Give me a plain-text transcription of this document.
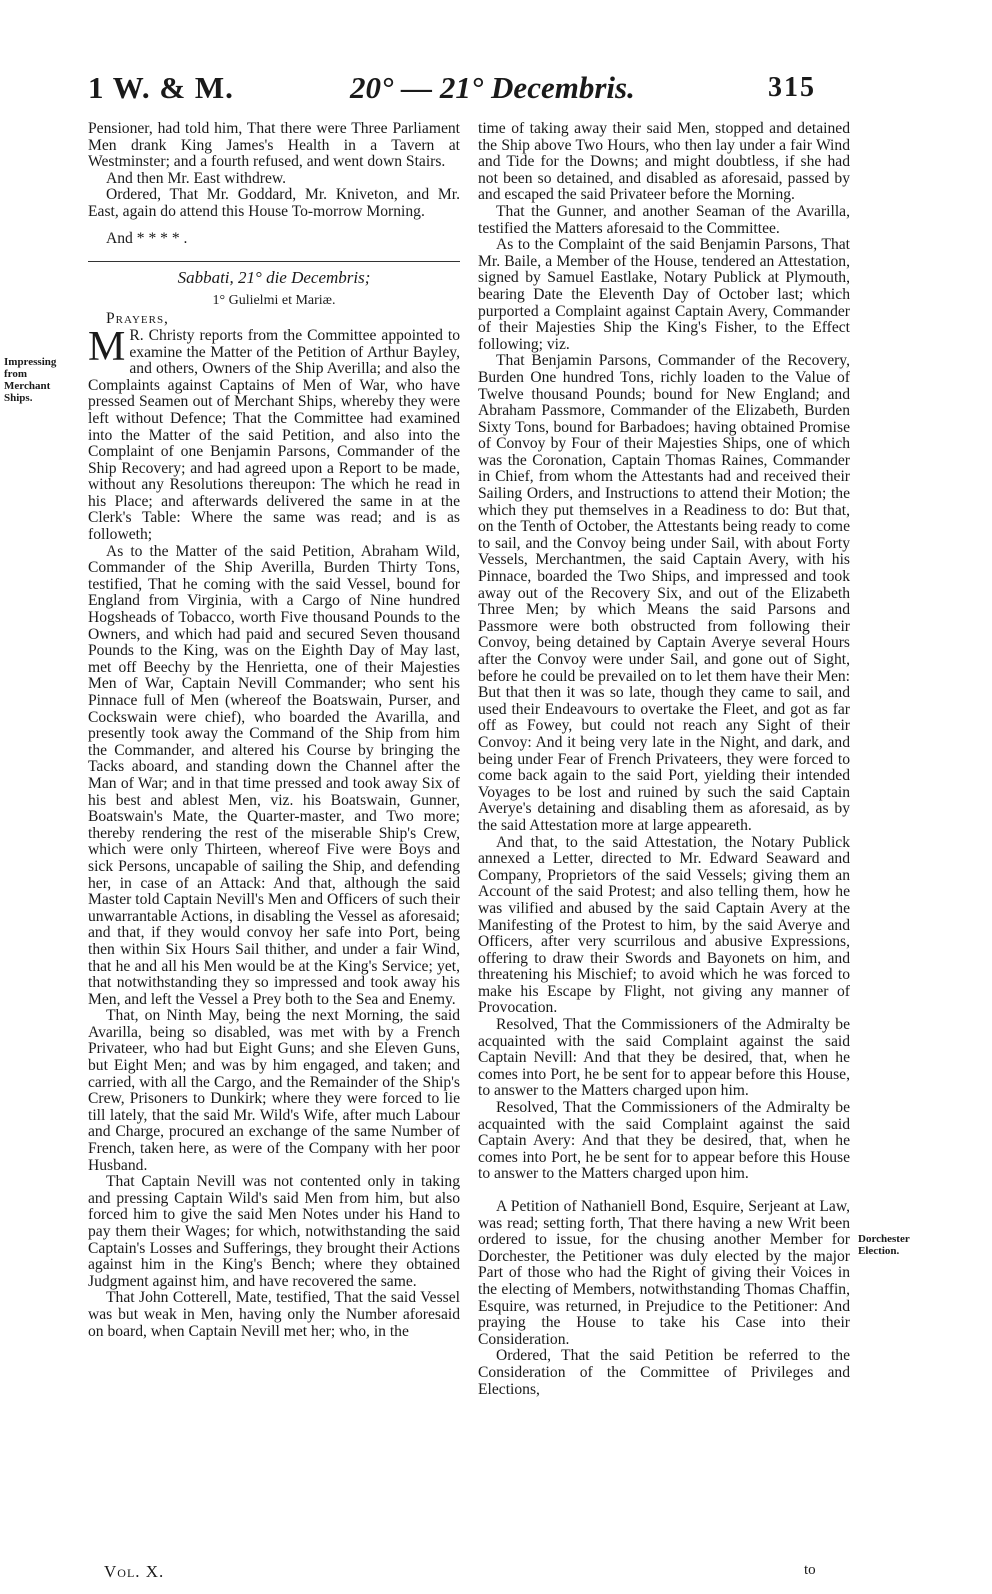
1 W. & M.	20° — 21° Decembris.	315
Impressing from Merchant Ships.
Dorchester Election.

Pensioner, had told him, That there were Three Parliament Men drank King James's Health in a Tavern at Westminster; and a fourth refused, and went down Stairs.

And then Mr. East withdrew.

Ordered, That Mr. Goddard, Mr. Kniveton, and Mr. East, again do attend this House To-morrow Morning.

And * * * * .

Sabbati, 21° die Decembris;
1° Gulielmi et Mariæ.

Prayers,

M R. Christy reports from the Committee appointed to examine the Matter of the Petition of Arthur Bayley, and others, Owners of the Ship Averilla; and also the Complaints against Captains of Men of War, who have pressed Seamen out of Merchant Ships, whereby they were left without Defence; That the Committee had examined into the Matter of the said Petition, and also into the Complaint of one Benjamin Parsons, Commander of the Ship Recovery; and had agreed upon a Report to be made, without any Resolutions thereupon: The which he read in his Place; and afterwards delivered the same in at the Clerk's Table: Where the same was read; and is as followeth;

As to the Matter of the said Petition, Abraham Wild, Commander of the Ship Averilla, Burden Thirty Tons, testified, That he coming with the said Vessel, bound for England from Virginia, with a Cargo of Nine hundred Hogsheads of Tobacco, worth Five thousand Pounds to the Owners, and which had paid and secured Seven thousand Pounds to the King, was on the Eighth Day of May last, met off Beechy by the Henrietta, one of their Majesties Men of War, Captain Nevill Commander; who sent his Pinnace full of Men (whereof the Boatswain, Purser, and Cockswain were chief), who boarded the Avarilla, and presently took away the Command of the Ship from him the Commander, and altered his Course by bringing the Tacks aboard, and standing down the Channel after the Man of War; and in that time pressed and took away Six of his best and ablest Men, viz. his Boatswain, Gunner, Boatswain's Mate, the Quarter-master, and Two more; thereby rendering the rest of the miserable Ship's Crew, which were only Thirteen, whereof Five were Boys and sick Persons, uncapable of sailing the Ship, and defending her, in case of an Attack: And that, although the said Master told Captain Nevill's Men and Officers of such their unwarrantable Actions, in disabling the Vessel as aforesaid; and that, if they would convoy her safe into Port, being then within Six Hours Sail thither, and under a fair Wind, that he and all his Men would be at the King's Service; yet, that notwithstanding they so impressed and took away his Men, and left the Vessel a Prey both to the Sea and Enemy.

That, on Ninth May, being the next Morning, the said Avarilla, being so disabled, was met with by a French Privateer, who had but Eight Guns; and she Eleven Guns, but Eight Men; and was by him engaged, and taken; and carried, with all the Cargo, and the Remainder of the Ship's Crew, Prisoners to Dunkirk; where they were forced to lie till lately, that the said Mr. Wild's Wife, after much Labour and Charge, procured an exchange of the same Number of French, taken here, as were of the Company with her poor Husband.

That Captain Nevill was not contented only in taking and pressing Captain Wild's said Men from him, but also forced him to give the said Men Notes under his Hand to pay them their Wages; for which, notwithstanding the said Captain's Losses and Sufferings, they brought their Actions against him in the King's Bench; where they obtained Judgment against him, and have recovered the same.

That John Cotterell, Mate, testified, That the said Vessel was but weak in Men, having only the Number aforesaid on board, when Captain Nevill met her; who, in the

time of taking away their said Men, stopped and detained the Ship above Two Hours, who then lay under a fair Wind and Tide for the Downs; and might doubtless, if she had not been so detained, and disabled as aforesaid, passed by and escaped the said Privateer before the Morning.

That the Gunner, and another Seaman of the Avarilla, testified the Matters aforesaid to the Committee.

As to the Complaint of the said Benjamin Parsons, That Mr. Baile, a Member of the House, tendered an Attestation, signed by Samuel Eastlake, Notary Publick at Plymouth, bearing Date the Eleventh Day of October last; which purported a Complaint against Captain Avery, Commander of their Majesties Ship the King's Fisher, to the Effect following; viz.

That Benjamin Parsons, Commander of the Recovery, Burden One hundred Tons, richly loaden to the Value of Twelve thousand Pounds; bound for New England; and Abraham Passmore, Commander of the Elizabeth, Burden Sixty Tons, bound for Barbadoes; having obtained Promise of Convoy by Four of their Majesties Ships, one of which was the Coronation, Captain Thomas Raines, Commander in Chief, from whom the Attestants had and received their Sailing Orders, and Instructions to attend their Motion; the which they put themselves in a Readiness to do: But that, on the Tenth of October, the Attestants being ready to come to sail, and the Convoy being under Sail, with about Forty Vessels, Merchantmen, the said Captain Avery, with his Pinnace, boarded the Two Ships, and impressed and took away out of the Recovery Six, and out of the Elizabeth Three Men; by which Means the said Parsons and Passmore were both obstructed from following their Convoy, being detained by Captain Averye several Hours after the Convoy were under Sail, and gone out of Sight, before he could be prevailed on to let them have their Men: But that then it was so late, though they came to sail, and used their Endeavours to overtake the Fleet, and got as far off as Fowey, but could not reach any Sight of their Convoy: And it being very late in the Night, and dark, and being under Fear of French Privateers, they were forced to come back again to the said Port, yielding their intended Voyages to be lost and ruined by such the said Captain Averye's detaining and disabling them as aforesaid, as by the said Attestation more at large appeareth.

And that, to the said Attestation, the Notary Publick annexed a Letter, directed to Mr. Edward Seaward and Company, Proprietors of the said Vessels; giving them an Account of the said Protest; and also telling them, how he was vilified and abused by the said Captain Avery at the Manifesting of the Protest to him, by the said Averye and Officers, after very scurrilous and abusive Expressions, offering to draw their Swords and Bayonets on him, and threatening his Mischief; to avoid which he was forced to make his Escape by Flight, not giving any manner of Provocation.

Resolved, That the Commissioners of the Admiralty be acquainted with the said Complaint against the said Captain Nevill: And that they be desired, that, when he comes into Port, he be sent for to appear before this House, to answer to the Matters charged upon him.

Resolved, That the Commissioners of the Admiralty be acquainted with the said Complaint against the said Captain Avery: And that they be desired, that, when he comes into Port, he be sent for to appear before this House to answer to the Matters charged upon him.

A Petition of Nathaniell Bond, Esquire, Serjeant at Law, was read; setting forth, That there having a new Writ been ordered to issue, for the chusing another Member for Dorchester, the Petitioner was duly elected by the major Part of those who had the Right of giving their Voices in the electing of Members, notwithstanding Thomas Chaffin, Esquire, was returned, in Prejudice to the Petitioner: And praying the House to take his Case into their Consideration.

Ordered, That the said Petition be referred to the Consideration of the Committee of Privileges and Elections,

Vol. X.	to
